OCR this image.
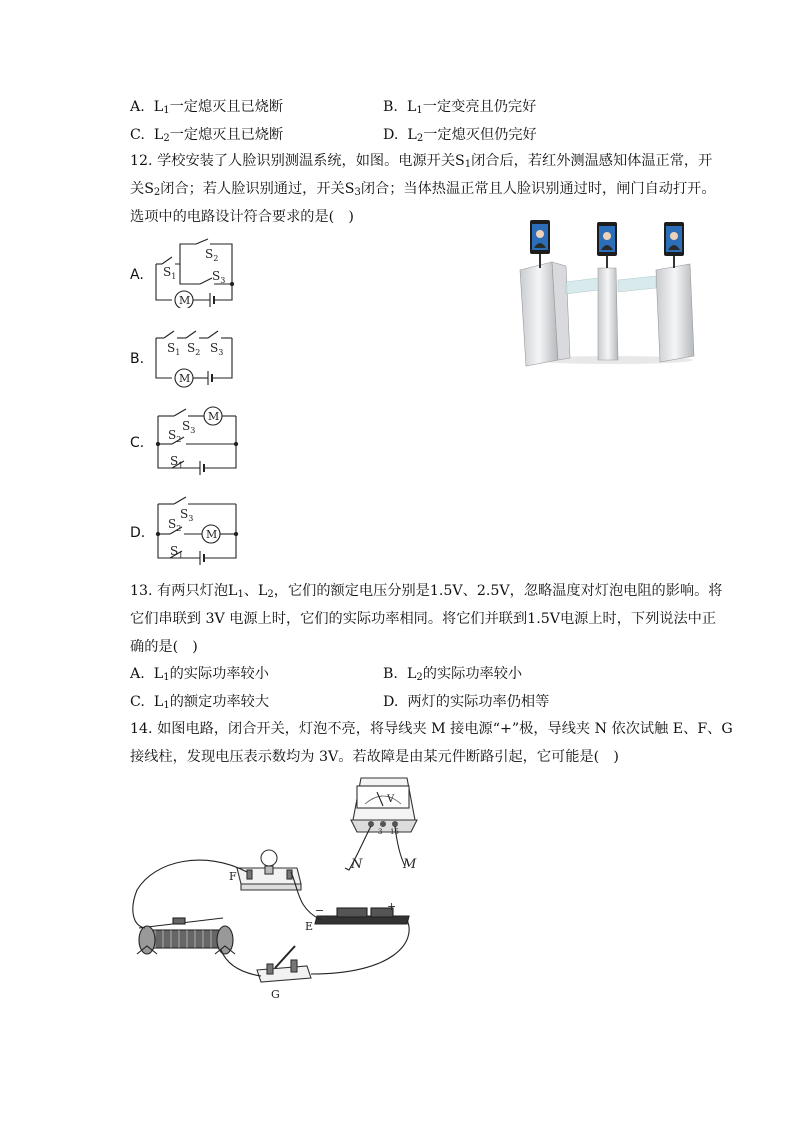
A. $L_1$一定熄灭且已烧断	B. $L_1$一定变亮且仍完好
C. $L_2$一定熄灭且已烧断	D. $L_2$一定熄灭但仍完好
12. 学校安装了人脸识别测温系统，如图。电源开关$S_1$闭合后，若红外测温感知体温正常，开
关$S_2$闭合；若人脸识别通过，开关$S_3$闭合；当体热温正常且人脸识别通过时，闸门自动打开。
选项中的电路设计符合要求的是(　)
A.
B.
C.
D.
M
$S_1$
$S_2$
$S_3$
M
$S_1$ $S_2$ $S_3$
M
$S_3$
$S_2$
$S_1$
M
$S_3$
$S_2$
$S_1$
13. 有两只灯泡$L_1$、$L_2$，它们的额定电压分别是1.5V、2.5V，忽略温度对灯泡电阻的影响。将
它们串联到 3V 电源上时，它们的实际功率相同。将它们并联到1.5V电源上时，下列说法中正
确的是(　)
A. $L_1$的实际功率较小	B. $L_2$的实际功率较小
C. $L_1$的额定功率较大	D. 两灯的实际功率仍相等
14. 如图电路，闭合开关，灯泡不亮，将导线夹 M 接电源“+”极，导线夹 N 依次试触 E、F、G
接线柱，发现电压表示数均为 3V。若故障是由某元件断路引起，它可能是(　)
V
3 15
N	M
F
−	+
E
G
